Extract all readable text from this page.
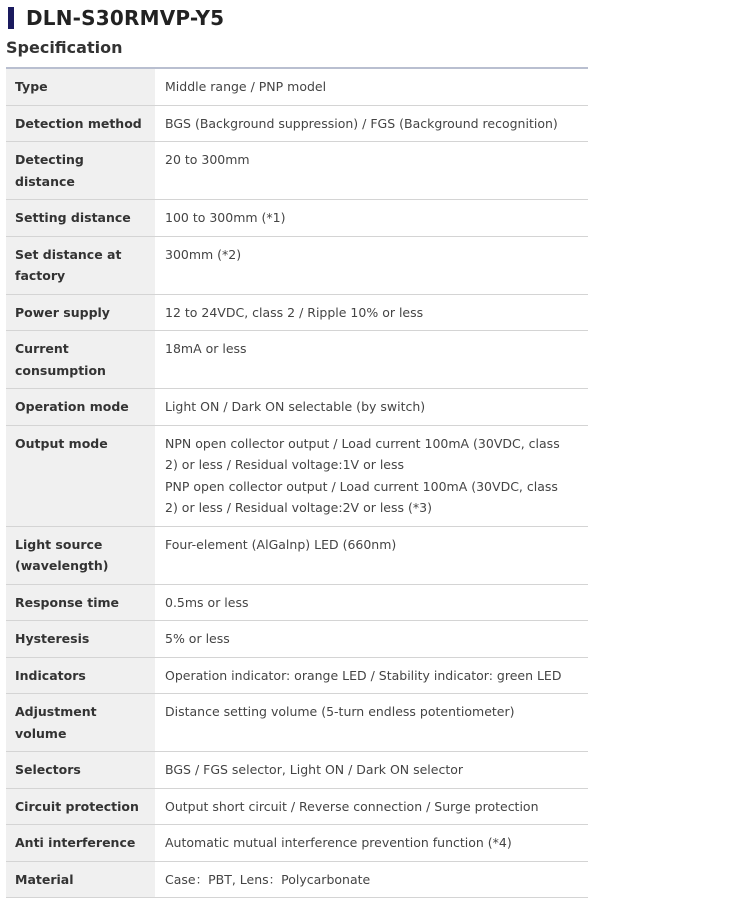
DLN-S30RMVP-Y5
Specification
Type	Middle range / PNP model

Detection method	BGS (Background suppression) / FGS (Background recognition)

Detecting distance	20 to 300mm

Setting distance	100 to 300mm (*1)

Set distance at factory	300mm (*2)

Power supply	12 to 24VDC, class 2 / Ripple 10% or less

Current consumption	18mA or less

Operation mode	Light ON / Dark ON selectable (by switch)

Output mode	NPN open collector output / Load current 100mA (30VDC, class 2) or less / Residual voltage:1V or less
PNP open collector output / Load current 100mA (30VDC, class 2) or less / Residual voltage:2V or less (*3)

Light source (wavelength)	Four-element (AlGalnp) LED (660nm)

Response time	0.5ms or less

Hysteresis	5% or less

Indicators	Operation indicator: orange LED / Stability indicator: green LED

Adjustment volume	Distance setting volume (5-turn endless potentiometer)

Selectors	BGS / FGS selector, Light ON / Dark ON selector

Circuit protection	Output short circuit / Reverse connection / Surge protection

Anti interference	Automatic mutual interference prevention function (*4)

Material	Case：PBT, Lens：Polycarbonate
